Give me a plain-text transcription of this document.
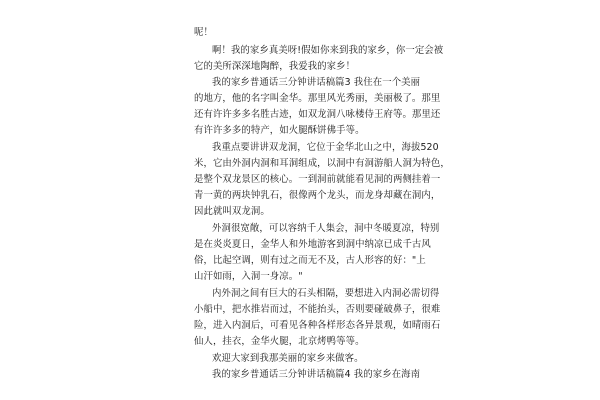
呢！
啊！我的家乡真美呀!假如你来到我的家乡，你一定会被
它的美所深深地陶醉，我爱我的家乡！
我的家乡普通话三分钟讲话稿篇3 我住在一个美丽
的地方，他的名字叫金华。那里风光秀丽，美丽极了。那里
还有许许多多名胜古迹，如双龙洞八咏楼侍王府等。那里还
有许许多多的特产，如火腿酥饼佛手等。
我重点要讲讲双龙洞，它位于金华北山之中，海拔520
米，它由外洞内洞和耳洞组成，以洞中有洞游船人洞为特色，
是整个双龙景区的核心。一到洞前就能看见洞的两侧挂着一
青一黄的两块钟乳石，很像两个龙头，而龙身却藏在洞内，
因此就叫双龙洞。
外洞很宽敞，可以容纳千人集会，洞中冬暖夏凉，特别
是在炎炎夏日，金华人和外地游客到洞中纳凉已成千古风
俗，比起空调，则有过之而无不及，古人形容的好："上
山汗如雨，入洞一身凉。"
内外洞之间有巨大的石头相隔，要想进入内洞必需切得
小船中，把水推岩而过，不能抬头，否则要碰破鼻子，很难
险，进入内洞后，可看见各种各样形态各异景观，如晴雨石
仙人，挂衣，金华火腿，北京烤鸭等等。
欢迎大家到我那美丽的家乡来做客。
我的家乡普通话三分钟讲话稿篇4 我的家乡在海南
